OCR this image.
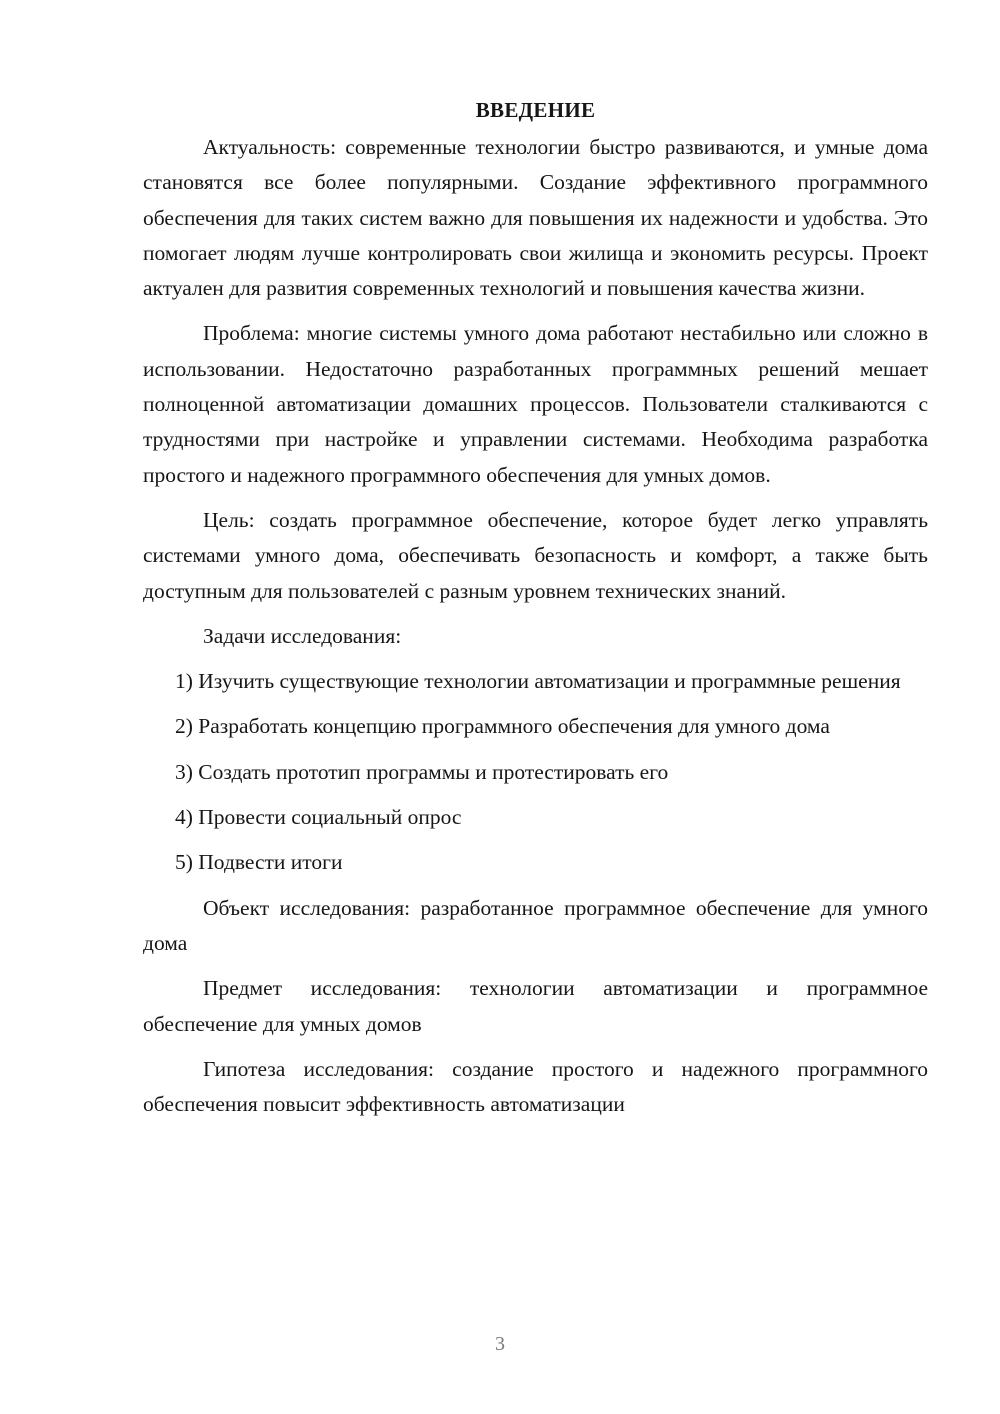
ВВЕДЕНИЕ

Актуальность: современные технологии быстро развиваются, и умные дома становятся все более популярными. Создание эффективного программного обеспечения для таких систем важно для повышения их надежности и удобства. Это помогает людям лучше контролировать свои жилища и экономить ресурсы. Проект актуален для развития современных технологий и повышения качества жизни.

Проблема: многие системы умного дома работают нестабильно или сложно в использовании. Недостаточно разработанных программных решений мешает полноценной автоматизации домашних процессов. Пользователи сталкиваются с трудностями при настройке и управлении системами. Необходима разработка простого и надежного программного обеспечения для умных домов.

Цель: создать программное обеспечение, которое будет легко управлять системами умного дома, обеспечивать безопасность и комфорт, а также быть доступным для пользователей с разным уровнем технических знаний.

Задачи исследования:

1) Изучить существующие технологии автоматизации и программные решения

2) Разработать концепцию программного обеспечения для умного дома

3) Создать прототип программы и протестировать его

4) Провести социальный опрос

5) Подвести итоги

Объект исследования: разработанное программное обеспечение для умного дома

Предмет исследования: технологии автоматизации и программное обеспечение для умных домов

Гипотеза исследования: создание простого и надежного программного обеспечения повысит эффективность автоматизации

3
